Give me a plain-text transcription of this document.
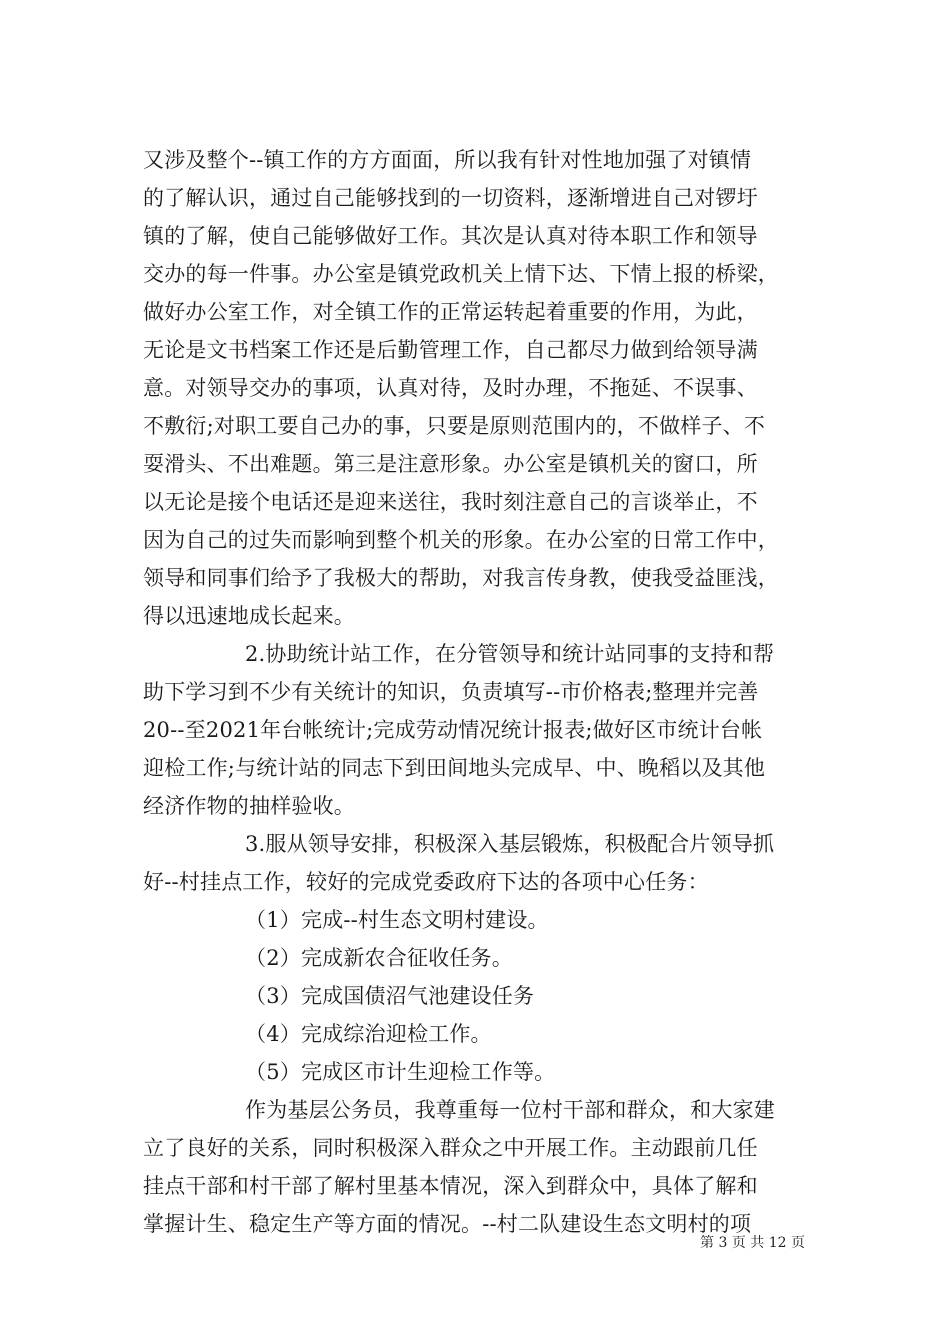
又涉及整个--镇工作的方方面面，所以我有针对性地加强了对镇情
的了解认识，通过自己能够找到的一切资料，逐渐增进自己对锣圩
镇的了解，使自己能够做好工作。其次是认真对待本职工作和领导
交办的每一件事。办公室是镇党政机关上情下达、下情上报的桥梁，
做好办公室工作，对全镇工作的正常运转起着重要的作用，为此，
无论是文书档案工作还是后勤管理工作，自己都尽力做到给领导满
意。对领导交办的事项，认真对待，及时办理，不拖延、不误事、
不敷衍;对职工要自己办的事，只要是原则范围内的，不做样子、不
耍滑头、不出难题。第三是注意形象。办公室是镇机关的窗口，所
以无论是接个电话还是迎来送往，我时刻注意自己的言谈举止，不
因为自己的过失而影响到整个机关的形象。在办公室的日常工作中，
领导和同事们给予了我极大的帮助，对我言传身教，使我受益匪浅，
得以迅速地成长起来。
2.协助统计站工作，在分管领导和统计站同事的支持和帮
助下学习到不少有关统计的知识，负责填写--市价格表;整理并完善
20--至2021年台帐统计;完成劳动情况统计报表;做好区市统计台帐
迎检工作;与统计站的同志下到田间地头完成早、中、晚稻以及其他
经济作物的抽样验收。
3.服从领导安排，积极深入基层锻炼，积极配合片领导抓
好--村挂点工作，较好的完成党委政府下达的各项中心任务：
（1）完成--村生态文明村建设。
（2）完成新农合征收任务。
（3）完成国债沼气池建设任务
（4）完成综治迎检工作。
（5）完成区市计生迎检工作等。
作为基层公务员，我尊重每一位村干部和群众，和大家建
立了良好的关系，同时积极深入群众之中开展工作。主动跟前几任
挂点干部和村干部了解村里基本情况，深入到群众中，具体了解和
掌握计生、稳定生产等方面的情况。--村二队建设生态文明村的项
第 3 页 共 12 页
